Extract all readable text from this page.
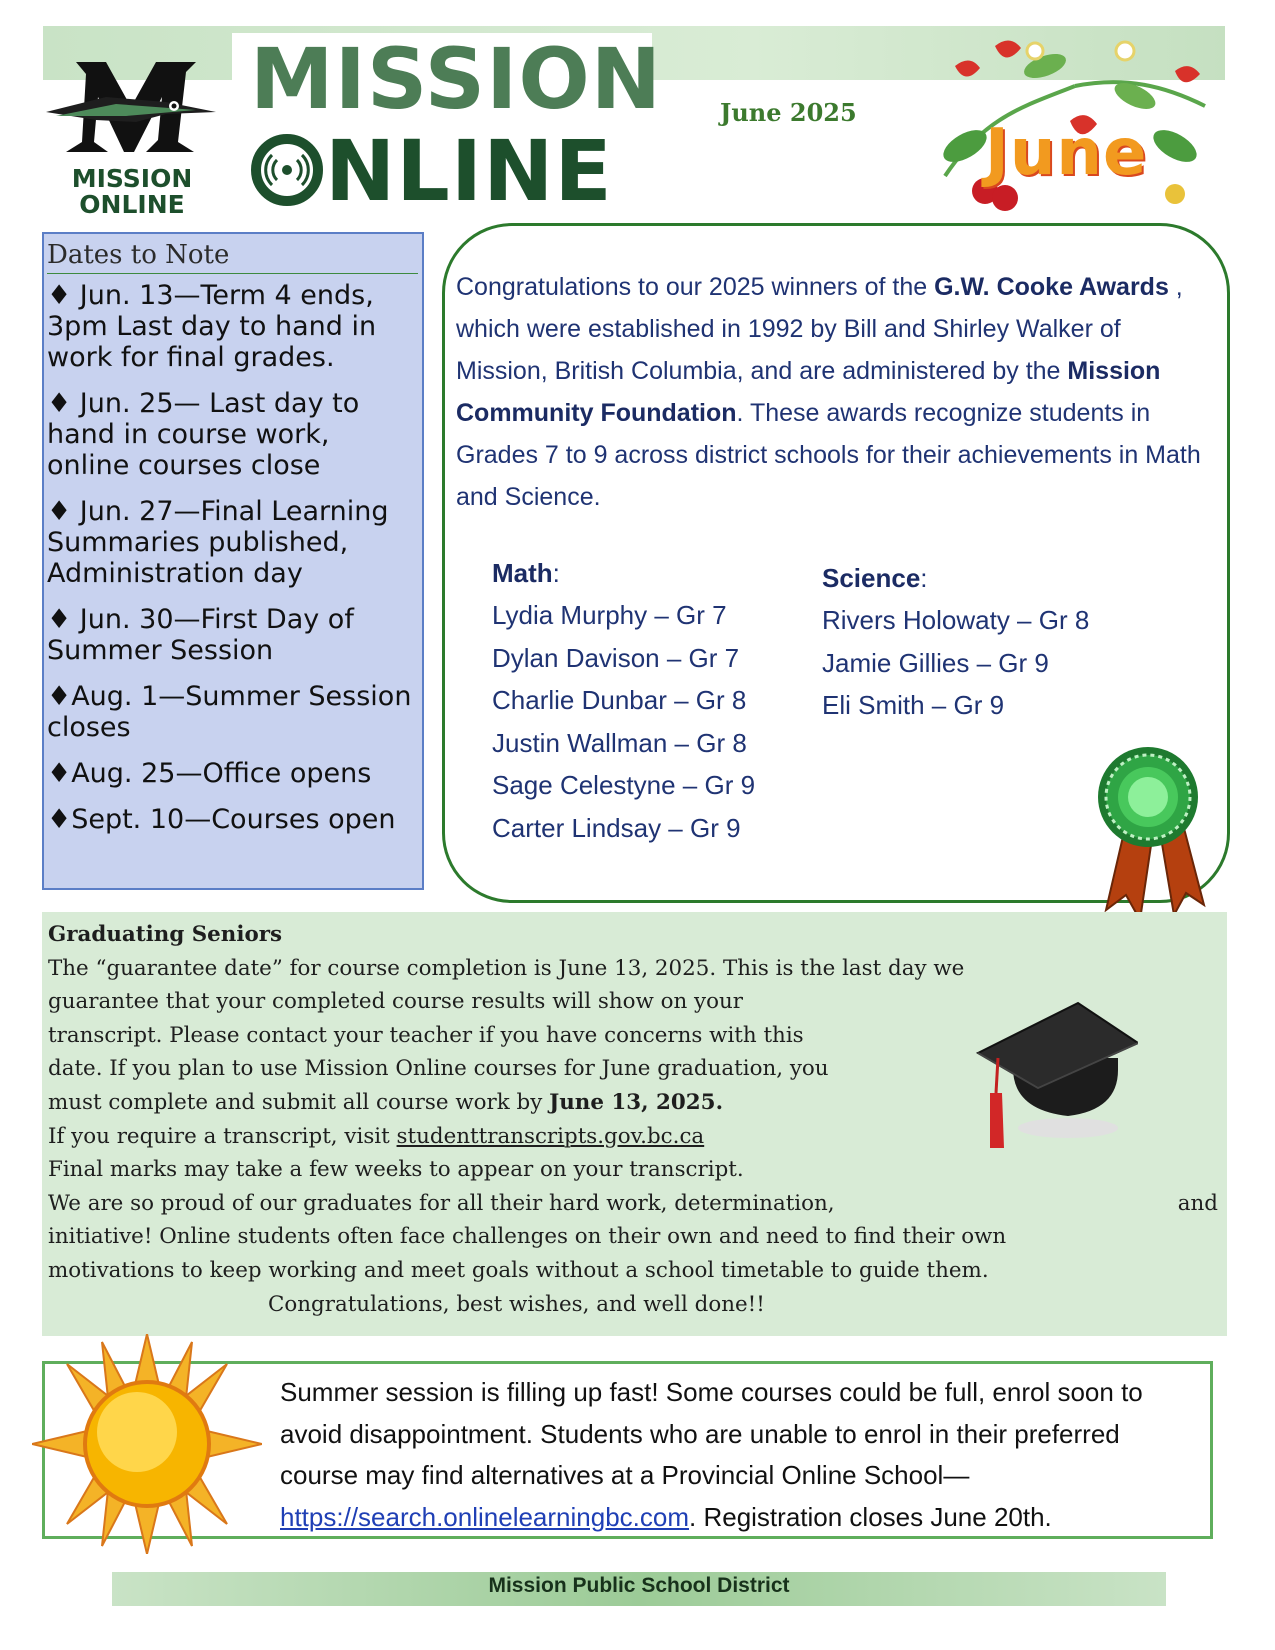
MISSION
ONLINE
MISSION
NLINE
June 2025
June
Dates to Note
♦ Jun. 13—Term 4 ends, 3pm Last day to hand in work for final grades.
♦ Jun. 25— Last day to hand in course work, online courses close
♦ Jun. 27—Final Learning Summaries published, Administration day
♦ Jun. 30—First Day of Summer Session
♦Aug. 1—Summer Session closes
♦Aug. 25—Office opens
♦Sept. 10—Courses open
Congratulations to our 2025 winners of the G.W. Cooke Awards , which were established in 1992 by Bill and Shirley Walker of Mission, British Columbia, and are administered by the Mission Community Foundation. These awards recognize students in Grades 7 to 9 across district schools for their achievements in Math and Science.
Math:
Lydia Murphy – Gr 7
Dylan Davison – Gr 7
Charlie Dunbar – Gr 8
Justin Wallman – Gr 8
Sage Celestyne – Gr 9
Carter Lindsay – Gr 9
Science:
Rivers Holowaty – Gr 8
Jamie Gillies – Gr 9
Eli Smith – Gr 9
Graduating Seniors
The “guarantee date” for course completion is June 13, 2025. This is the last day we
guarantee that your completed course results will show on your
transcript. Please contact your teacher if you have concerns with this
date. If you plan to use Mission Online courses for June graduation, you
must complete and submit all course work by June 13, 2025.
If you require a transcript, visit studenttranscripts.gov.bc.ca
Final marks may take a few weeks to appear on your transcript.
We are so proud of our graduates for all their hard work, determination,	and
initiative! Online students often face challenges on their own and need to find their own
motivations to keep working and meet goals without a school timetable to guide them.
Congratulations, best wishes, and well done!!
Summer session is filling up fast! Some courses could be full, enrol soon to avoid disappointment. Students who are unable to enrol in their preferred course may find alternatives at a Provincial Online School—
https://search.onlinelearningbc.com. Registration closes June 20th.
Mission Public School District
